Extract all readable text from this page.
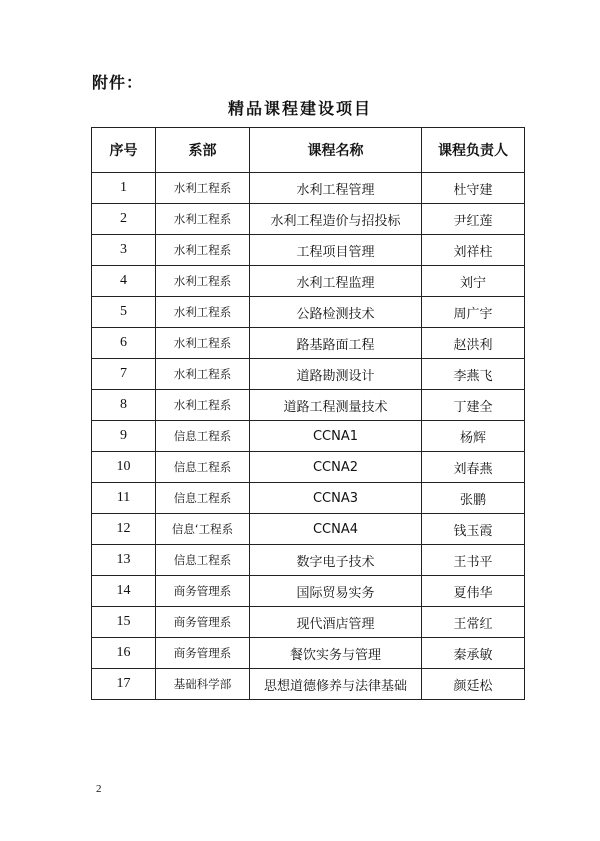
附件：
精品课程建设项目
序号	系部	课程名称	课程负责人
1	水利工程系	水利工程管理	杜守建
2	水利工程系	水利工程造价与招投标	尹红莲
3	水利工程系	工程项目管理	刘祥柱
4	水利工程系	水利工程监理	刘宁
5	水利工程系	公路检测技术	周广宇
6	水利工程系	路基路面工程	赵洪利
7	水利工程系	道路勘测设计	李燕飞
8	水利工程系	道路工程测量技术	丁建全
9	信息工程系	CCNA1	杨辉
10	信息工程系	CCNA2	刘春燕
11	信息工程系	CCNA3	张鹏
12	信息‘工程系	CCNA4	钱玉霞
13	信息工程系	数字电子技术	王书平
14	商务管理系	国际贸易实务	夏伟华
15	商务管理系	现代酒店管理	王常红
16	商务管理系	餐饮实务与管理	秦承敏
17	基础科学部	思想道德修养与法律基础	颜廷松
2
